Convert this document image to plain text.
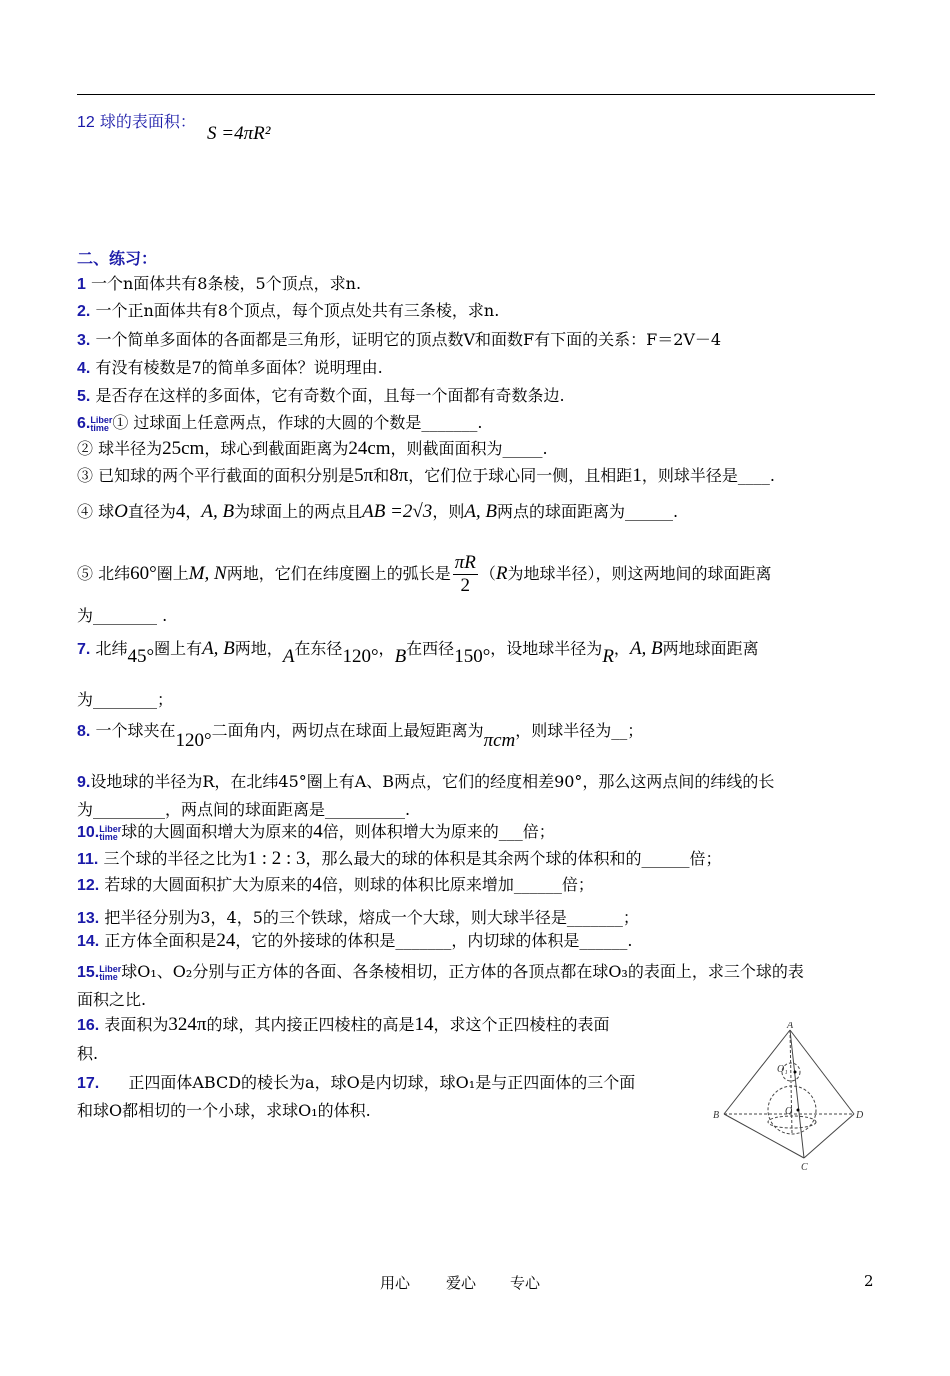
12 球的表面积： S =4πR²
二、练习：
1 一个n面体共有8条棱，5个顶点，求n.
2. 一个正n面体共有8个顶点，每个顶点处共有三条棱，求n.
3. 一个简单多面体的各面都是三角形，证明它的顶点数V和面数F有下面的关系：F＝2V－4
4. 有没有棱数是7的简单多面体？说明理由.
5. 是否存在这样的多面体，它有奇数个面，且每一个面都有奇数条边.
6.Liber time ① 过球面上任意两点，作球的大圆的个数是_______.
② 球半径为25cm，球心到截面距离为24cm，则截面面积为_____.
③ 已知球的两个平行截面的面积分别是5π和8π，它们位于球心同一侧，且相距1，则球半径是____.
④ 球O直径为4，A, B为球面上的两点且AB =2√3，则A, B两点的球面距离为______.
⑤ 北纬60°圈上M, N两地，它们在纬度圈上的弧长是 $\frac{\pi R}{2} (R$为地球半径），则这两地间的球面距离
为________ .
7. 北纬45°圈上有A, B两地，A在东径120°，B在西径150°，设地球半径为R，A, B两地球面距离
为________；
8. 一个球夹在120°二面角内，两切点在球面上最短距离为πcm，则球半径为__；
9.设地球的半径为R，在北纬45°圈上有A、B两点，它们的经度相差90°，那么这两点间的纬线的长
为_________，两点间的球面距离是__________.
10.Liber time 球的大圆面积增大为原来的4倍，则体积增大为原来的___倍；
11. 三个球的半径之比为1 : 2 : 3，那么最大的球的体积是其余两个球的体积和的______倍；
12. 若球的大圆面积扩大为原来的4倍，则球的体积比原来增加______倍；
13. 把半径分别为3，4，5的三个铁球，熔成一个大球，则大球半径是_______；
14. 正方体全面积是24，它的外接球的体积是_______，内切球的体积是______.
15.Liber time 球O₁、O₂分别与正方体的各面、各条棱相切，正方体的各顶点都在球O₃的表面上，求三个球的表
面积之比.
16. 表面积为324π的球，其内接正四棱柱的高是14，求这个正四棱柱的表面
积.
17. 正四面体ABCD的棱长为a，球O是内切球，球O₁是与正四面体的三个面
和球O都相切的一个小球，求球O₁的体积.
A
B
C
D
O
O₁
用心 爱心 专心	2
